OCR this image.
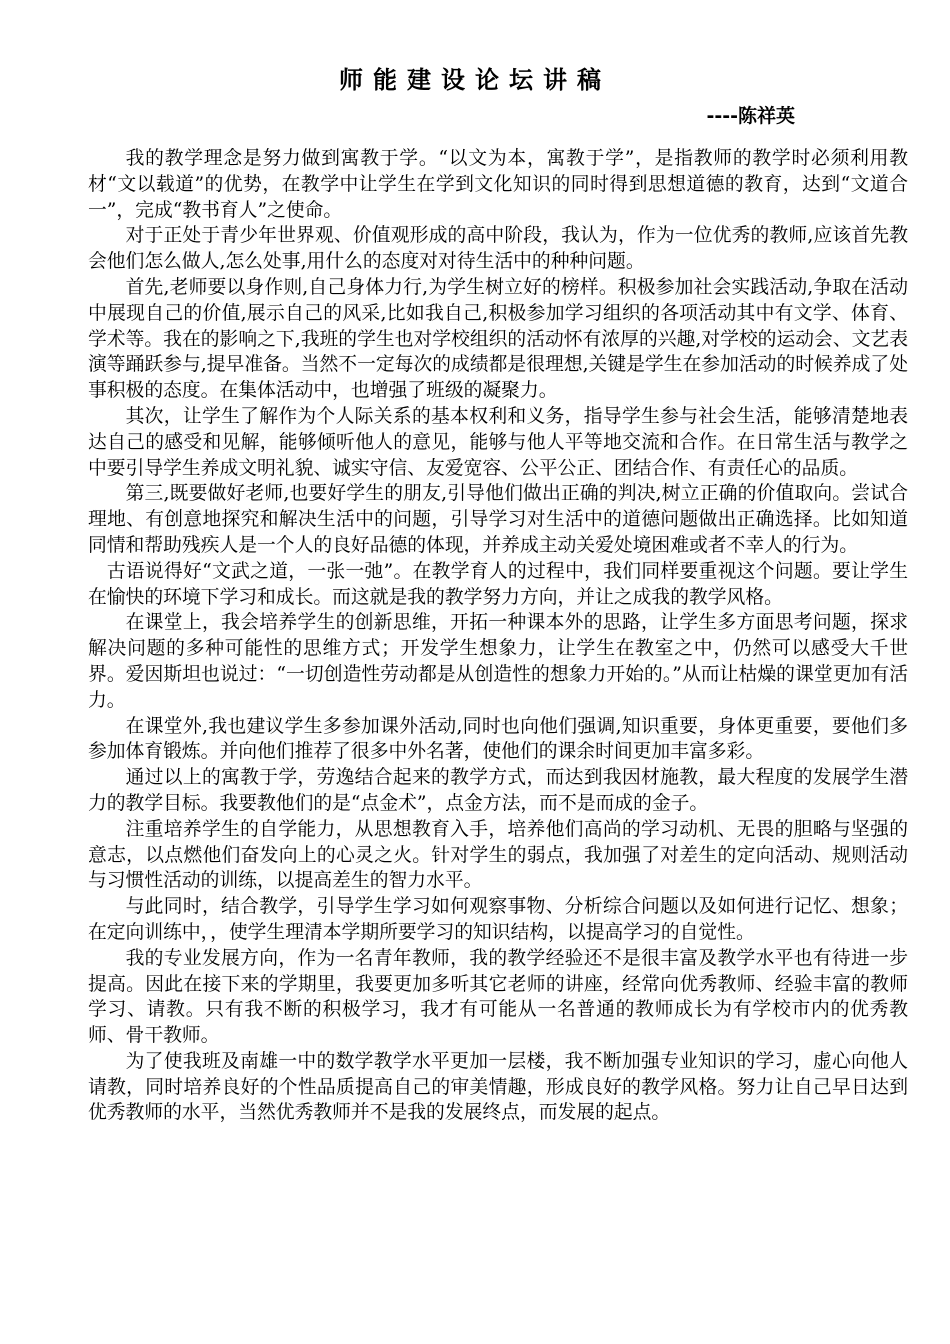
师能建设论坛讲稿
----陈祥英

我的教学理念是努力做到寓教于学。“以文为本，寓教于学”，是指教师的教学时必须利用教材“文以载道”的优势，在教学中让学生在学到文化知识的同时得到思想道德的教育，达到“文道合一”，完成“教书育人”之使命。

对于正处于青少年世界观、价值观形成的高中阶段，我认为，作为一位优秀的教师,应该首先教会他们怎么做人,怎么处事,用什么的态度对对待生活中的种种问题。

首先,老师要以身作则,自己身体力行,为学生树立好的榜样。积极参加社会实践活动,争取在活动中展现自己的价值,展示自己的风采,比如我自己,积极参加学习组织的各项活动其中有文学、体育、学术等。我在的影响之下,我班的学生也对学校组织的活动怀有浓厚的兴趣,对学校的运动会、文艺表演等踊跃参与,提早准备。当然不一定每次的成绩都是很理想,关键是学生在参加活动的时候养成了处事积极的态度。在集体活动中，也增强了班级的凝聚力。

其次，让学生了解作为个人际关系的基本权利和义务，指导学生参与社会生活，能够清楚地表达自己的感受和见解，能够倾听他人的意见，能够与他人平等地交流和合作。在日常生活与教学之中要引导学生养成文明礼貌、诚实守信、友爱宽容、公平公正、团结合作、有责任心的品质。

第三,既要做好老师,也要好学生的朋友,引导他们做出正确的判决,树立正确的价值取向。尝试合理地、有创意地探究和解决生活中的问题，引导学习对生活中的道德问题做出正确选择。比如知道同情和帮助残疾人是一个人的良好品德的体现，并养成主动关爱处境困难或者不幸人的行为。

古语说得好“文武之道，一张一弛”。在教学育人的过程中，我们同样要重视这个问题。要让学生在愉快的环境下学习和成长。而这就是我的教学努力方向，并让之成我的教学风格。

在课堂上，我会培养学生的创新思维，开拓一种课本外的思路，让学生多方面思考问题，探求解决问题的多种可能性的思维方式；开发学生想象力，让学生在教室之中，仍然可以感受大千世界。爱因斯坦也说过：“一切创造性劳动都是从创造性的想象力开始的。”从而让枯燥的课堂更加有活力。

在课堂外,我也建议学生多参加课外活动,同时也向他们强调,知识重要，身体更重要，要他们多参加体育锻炼。并向他们推荐了很多中外名著，使他们的课余时间更加丰富多彩。

通过以上的寓教于学，劳逸结合起来的教学方式，而达到我因材施教，最大程度的发展学生潜力的教学目标。我要教他们的是“点金术”，点金方法，而不是而成的金子。

注重培养学生的自学能力，从思想教育入手，培养他们高尚的学习动机、无畏的胆略与坚强的意志，以点燃他们奋发向上的心灵之火。针对学生的弱点，我加强了对差生的定向活动、规则活动与习惯性活动的训练，以提高差生的智力水平。

与此同时，结合教学，引导学生学习如何观察事物、分析综合问题以及如何进行记忆、想象；在定向训练中，，使学生理清本学期所要学习的知识结构，以提高学习的自觉性。

我的专业发展方向，作为一名青年教师，我的教学经验还不是很丰富及教学水平也有待进一步提高。因此在接下来的学期里，我要更加多听其它老师的讲座，经常向优秀教师、经验丰富的教师学习、请教。只有我不断的积极学习，我才有可能从一名普通的教师成长为有学校市内的优秀教师、骨干教师。

为了使我班及南雄一中的数学教学水平更加一层楼，我不断加强专业知识的学习，虚心向他人请教，同时培养良好的个性品质提高自己的审美情趣，形成良好的教学风格。努力让自己早日达到优秀教师的水平，当然优秀教师并不是我的发展终点，而发展的起点。
